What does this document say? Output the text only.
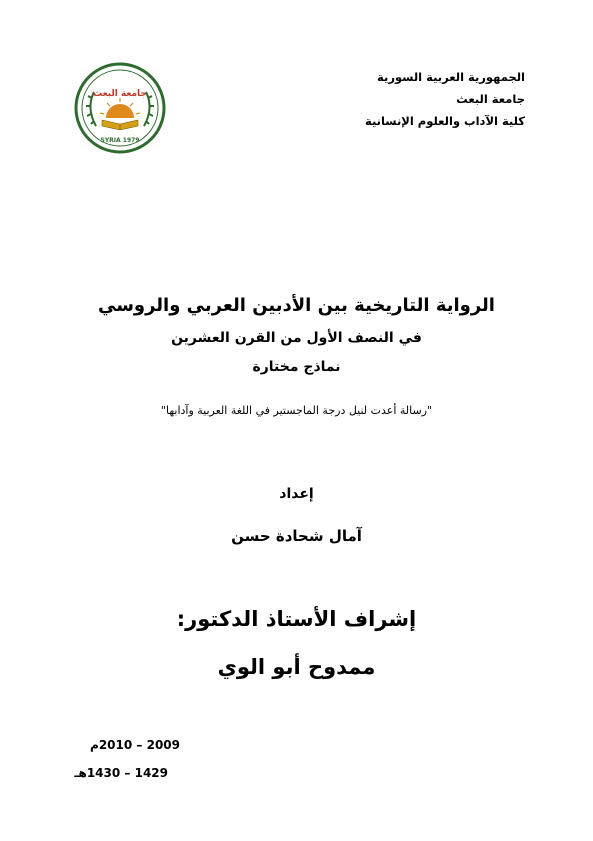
الجمهورية العربية السورية
جامعة البعث
كلية الآداب والعلوم الإنسانية
جامعة البعث
SYRIA 1979
الرواية التاريخية بين الأدبين العربي والروسي
في النصف الأول من القرن العشرين
نماذج مختارة
"رسالة أعدت لنيل درجة الماجستير في اللغة العربية وآدابها"
إعداد
آمال شحادة حسن
إشراف الأستاذ الدكتور:
ممدوح أبو الوي
2009 – 2010م
1429 – 1430هـ
